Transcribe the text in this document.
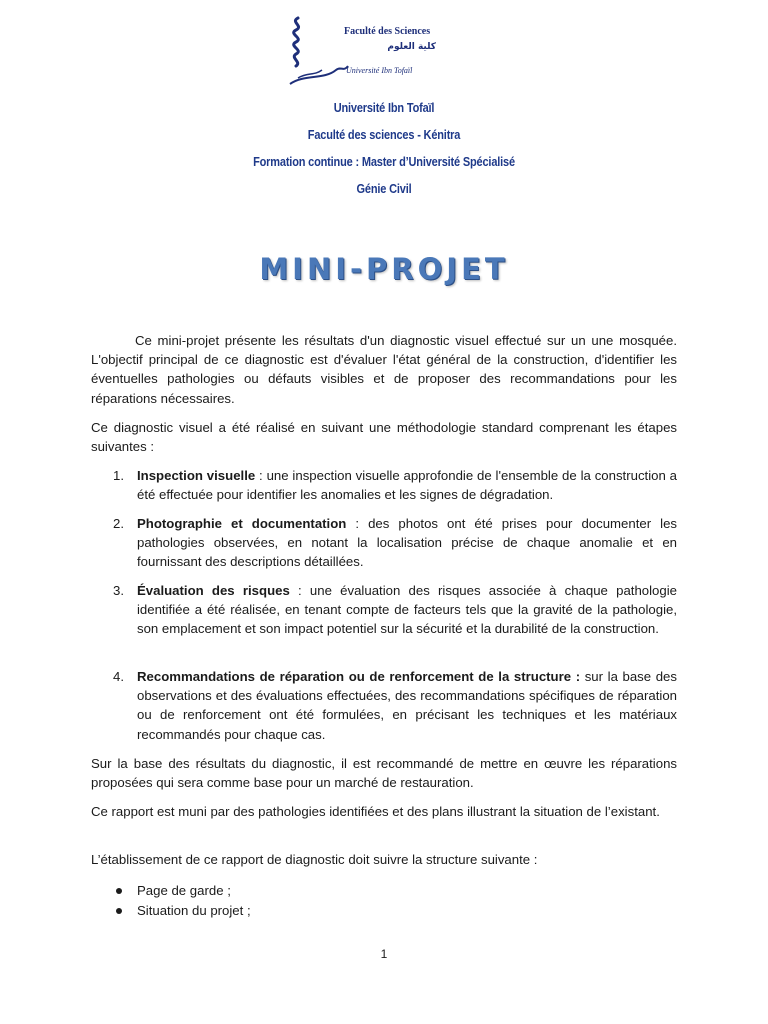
Faculté des Sciences
كلية العلوم
Université Ibn Tofaïl
Université Ibn Tofaïl
Faculté des sciences - Kénitra
Formation continue : Master d’Université Spécialisé
Génie Civil
MINI-PROJET
Ce mini-projet présente les résultats d'un diagnostic visuel effectué sur un une mosquée. L'objectif principal de ce diagnostic est d'évaluer l'état général de la construction, d'identifier les éventuelles pathologies ou défauts visibles et de proposer des recommandations pour les réparations nécessaires.
Ce diagnostic visuel a été réalisé en suivant une méthodologie standard comprenant les étapes suivantes :
1. Inspection visuelle : une inspection visuelle approfondie de l'ensemble de la construction a été effectuée pour identifier les anomalies et les signes de dégradation.
2. Photographie et documentation : des photos ont été prises pour documenter les pathologies observées, en notant la localisation précise de chaque anomalie et en fournissant des descriptions détaillées.
3. Évaluation des risques : une évaluation des risques associée à chaque pathologie identifiée a été réalisée, en tenant compte de facteurs tels que la gravité de la pathologie, son emplacement et son impact potentiel sur la sécurité et la durabilité de la construction.
4. Recommandations de réparation ou de renforcement de la structure : sur la base des observations et des évaluations effectuées, des recommandations spécifiques de réparation ou de renforcement ont été formulées, en précisant les techniques et les matériaux recommandés pour chaque cas.
Sur la base des résultats du diagnostic, il est recommandé de mettre en œuvre les réparations proposées qui sera comme base pour un marché de restauration.
Ce rapport est muni par des pathologies identifiées et des plans illustrant la situation de l’existant.
L’établissement de ce rapport de diagnostic doit suivre la structure suivante :
Page de garde ;
Situation du projet ;
1
